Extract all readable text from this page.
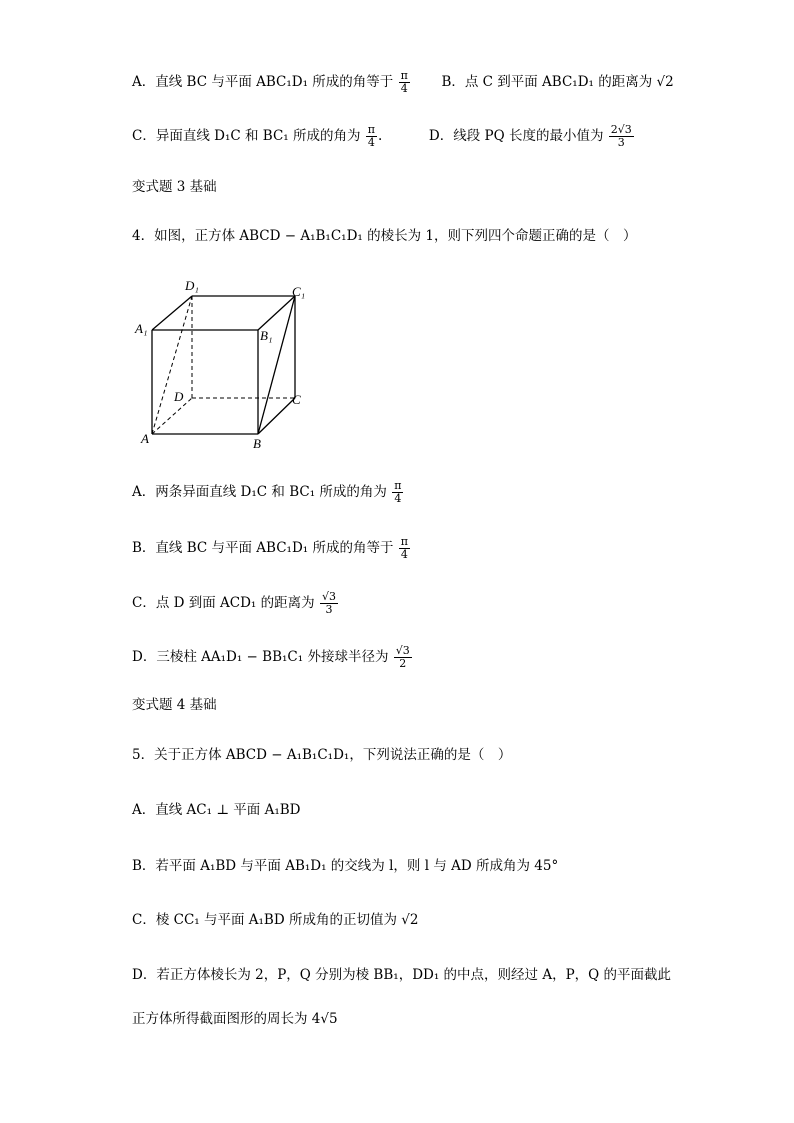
A．直线 BC 与平面 ABC₁D₁ 所成的角等于 $\frac{\pi}{4}$ B．点 C 到平面 ABC₁D₁ 的距离为 √2
C．异面直线 D₁C 和 BC₁ 所成的角为 $\frac{\pi}{4}$ .	D．线段 PQ 长度的最小值为 $\frac{2√3}{3}$
变式题 3 基础
4．如图，正方体 ABCD − A₁B₁C₁D₁ 的棱长为 1，则下列四个命题正确的是（　）
D₁	C₁
A₁	B₁
D	C
A	B
A．两条异面直线 D₁C 和 BC₁ 所成的角为 $\frac{\pi}{4}$
B．直线 BC 与平面 ABC₁D₁ 所成的角等于 $\frac{\pi}{4}$
C．点 D 到面 ACD₁ 的距离为 $\frac{√3}{3}$
D．三棱柱 AA₁D₁ − BB₁C₁ 外接球半径为 $\frac{√3}{2}$
变式题 4 基础
5．关于正方体 ABCD − A₁B₁C₁D₁，下列说法正确的是（　）
A．直线 AC₁ ⊥ 平面 A₁BD
B．若平面 A₁BD 与平面 AB₁D₁ 的交线为 l，则 l 与 AD 所成角为 45°
C．棱 CC₁ 与平面 A₁BD 所成角的正切值为 √2
D．若正方体棱长为 2，P，Q 分别为棱 BB₁，DD₁ 的中点，则经过 A，P，Q 的平面截此
正方体所得截面图形的周长为 4√5
